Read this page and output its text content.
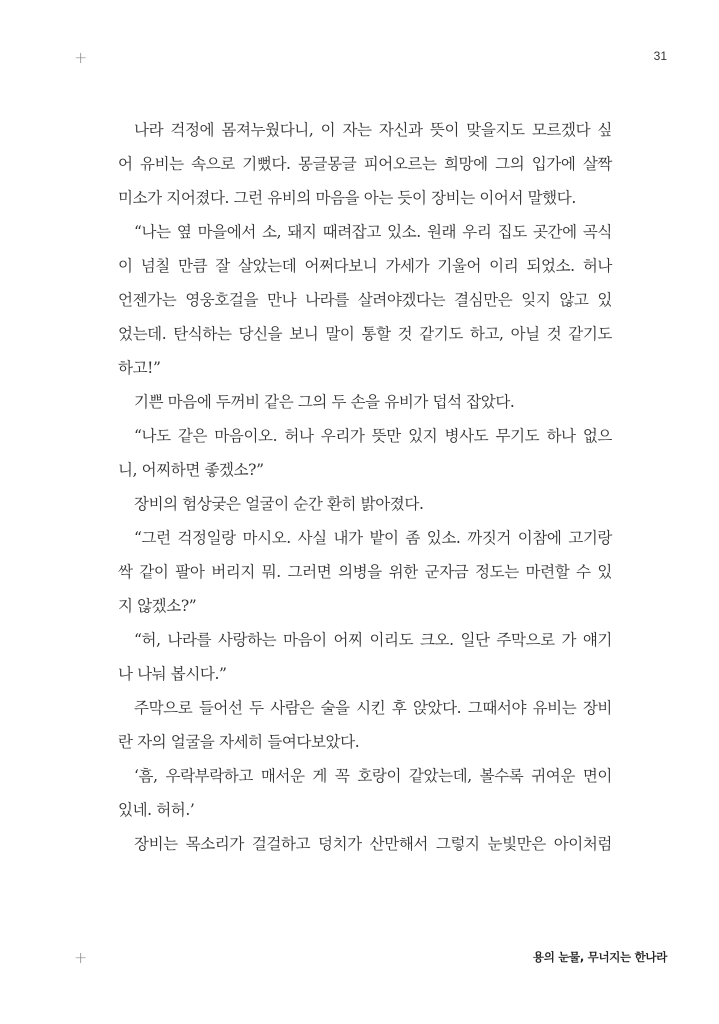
+	31
나라 걱정에 몸져누웠다니, 이 자는 자신과 뜻이 맞을지도 모르겠다 싶
어 유비는 속으로 기뻤다. 몽글몽글 피어오르는 희망에 그의 입가에 살짝
미소가 지어졌다. 그런 유비의 마음을 아는 듯이 장비는 이어서 말했다.
“나는 옆 마을에서 소, 돼지 때려잡고 있소. 원래 우리 집도 곳간에 곡식
이 넘칠 만큼 잘 살았는데 어쩌다보니 가세가 기울어 이리 되었소. 허나
언젠가는 영웅호걸을 만나 나라를 살려야겠다는 결심만은 잊지 않고 있
었는데. 탄식하는 당신을 보니 말이 통할 것 같기도 하고, 아닐 것 같기도
하고!”
기쁜 마음에 두꺼비 같은 그의 두 손을 유비가 덥석 잡았다.
“나도 같은 마음이오. 허나 우리가 뜻만 있지 병사도 무기도 하나 없으
니, 어찌하면 좋겠소?”
장비의 험상궂은 얼굴이 순간 환히 밝아졌다.
“그런 걱정일랑 마시오. 사실 내가 밭이 좀 있소. 까짓거 이참에 고기랑
싹 같이 팔아 버리지 뭐. 그러면 의병을 위한 군자금 정도는 마련할 수 있
지 않겠소?”
“허, 나라를 사랑하는 마음이 어찌 이리도 크오. 일단 주막으로 가 얘기
나 나눠 봅시다.”
주막으로 들어선 두 사람은 술을 시킨 후 앉았다. 그때서야 유비는 장비
란 자의 얼굴을 자세히 들여다보았다.
‘흠, 우락부락하고 매서운 게 꼭 호랑이 같았는데, 볼수록 귀여운 면이
있네. 허허.’
장비는 목소리가 걸걸하고 덩치가 산만해서 그렇지 눈빛만은 아이처럼
+	용의 눈물, 무너지는 한나라
